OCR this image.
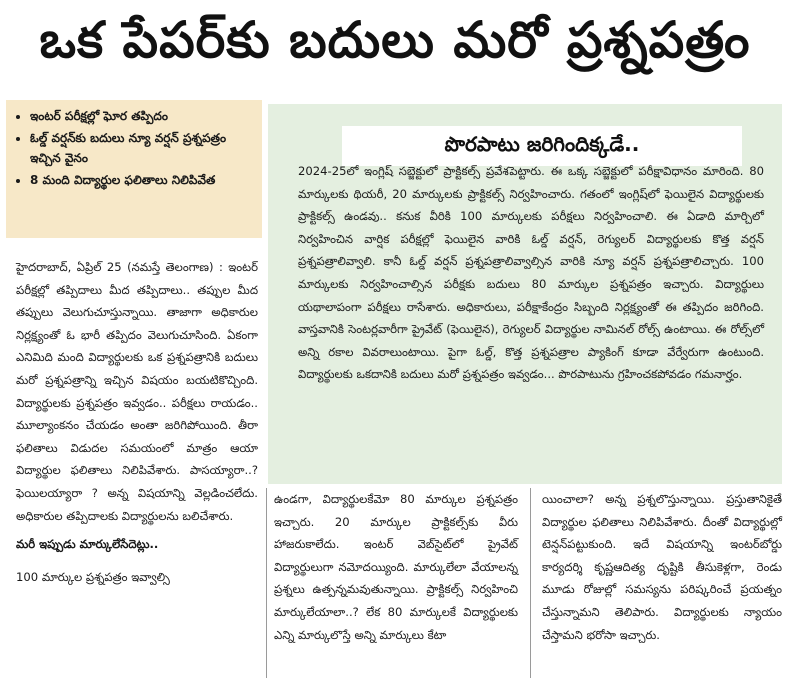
ఒక పేపర్‌కు బదులు మరో ప్రశ్నపత్రం
• ఇంటర్‌ పరీక్షల్లో ఘోర తప్పిదం
• ఓల్డ్‌ వర్షన్‌కు బదులు న్యూ వర్షన్‌ ప్రశ్నపత్రం ఇచ్చిన వైనం
• 8 మంది విద్యార్థుల ఫలితాలు నిలిపివేత

హైదరాబాద్‌, ఏప్రిల్‌ 25 (నమస్తే తెలంగాణ) : ఇంటర్‌ పరీక్షల్లో తప్పిదాలు మీద తప్పిదాలు.. తప్పుల మీద తప్పులు వెలుగుచూస్తున్నాయి. తాజాగా అధికారుల నిర్లక్ష్యంతో ఓ భారీ తప్పిదం వెలుగుచూసింది. ఏకంగా ఎనిమిది మంది విద్యార్థులకు ఒక ప్రశ్నపత్రానికి బదులు మరో ప్రశ్నపత్రాన్ని ఇచ్చిన విషయం బయటికొచ్చింది. విద్యార్థులకు ప్రశ్నపత్రం ఇవ్వడం.. పరీక్షలు రాయడం.. మూల్యాంకనం చేయడం అంతా జరిగిపోయింది. తీరా ఫలితాలు విడుదల సమయంలో మాత్రం ఆయా విద్యార్థుల ఫలితాలు నిలిపివేశారు. పాసయ్యారా..? ఫెయిలయ్యారా ? అన్న విషయాన్ని వెల్లడించలేదు. అధికారుల తప్పిదాలకు విద్యార్థులను బలిచేశారు.

మరీ ఇప్పుడు మార్కులేసేదెట్లు..

100 మార్కుల ప్రశ్నపత్రం ఇవ్వాల్సి

పొరపాటు జరిగిందిక్కడే..
2024-25లో ఇంగ్లిష్‌ సబ్జెక్టులో ప్రాక్టికల్స్‌ ప్రవేశపెట్టారు. ఈ ఒక్క సబ్జెక్టులో పరీక్షావిధానం మారింది. 80 మార్కులకు థియరీ, 20 మార్కులకు ప్రాక్టికల్స్‌ నిర్వహించారు. గతంలో ఇంగ్లిష్‌లో ఫెయిలైన విద్యార్థులకు ప్రాక్టికల్స్‌ ఉండవు.. కనుక వీరికి 100 మార్కులకు పరీక్షలు నిర్వహించాలి. ఈ ఏడాది మార్చిలో నిర్వహించిన వార్షిక పరీక్షల్లో ఫెయిలైన వారికి ఓల్డ్‌ వర్షన్‌, రెగ్యులర్‌ విద్యార్థులకు కొత్త వర్షన్‌ ప్రశ్నపత్రాలివ్వాలి. కానీ ఓల్డ్‌ వర్షన్‌ ప్రశ్నపత్రాలివ్వాల్సిన వారికి న్యూ వర్షన్‌ ప్రశ్నపత్రాలిచ్చారు. 100 మార్కులకు నిర్వహించాల్సిన పరీక్షకు బదులు 80 మార్కుల ప్రశ్నపత్రం ఇచ్చారు. విద్యార్థులు యథాలాపంగా పరీక్షలు రాసేశారు. అధికారులు, పరీక్షాకేంద్రం సిబ్బంది నిర్లక్ష్యంతో ఈ తప్పిదం జరిగింది. వాస్తవానికి సెంటర్లవారీగా ప్రైవేట్‌ (ఫెయిలైన), రెగ్యులర్‌ విద్యార్థుల నామినల్‌ రోల్స్‌ ఉంటాయి. ఈ రోల్స్‌లో అన్ని రకాల వివరాలుంటాయి. పైగా ఓల్డ్‌, కొత్త ప్రశ్నపత్రాల ప్యాకింగ్‌ కూడా వేర్వేరుగా ఉంటుంది. విద్యార్థులకు ఒకదానికి బదులు మరో ప్రశ్నపత్రం ఇవ్వడం... పొరపాటును గ్రహించకపోవడం గమనార్హం.

ఉండగా, విద్యార్థులకేమో 80 మార్కుల ప్రశ్నపత్రం ఇచ్చారు. 20 మార్కుల ప్రాక్టికల్స్‌కు వీరు హాజరుకాలేదు. ఇంటర్‌ వెబ్‌సైట్‌లో ప్రైవేట్‌ విద్యార్థులుగా నమోదయ్యింది. మార్కులేలా వేయాలన్న ప్రశ్నలు ఉత్పన్నమవుతున్నాయి. ప్రాక్టికల్స్‌ నిర్వహించి మార్కులేయాలా..? లేక 80 మార్కులకే విద్యార్థులకు ఎన్ని మార్కులొస్తే అన్ని మార్కులు కేటా

యించాలా? అన్న ప్రశ్నలొస్తున్నాయి. ప్రస్తుతానికైతే విద్యార్థుల ఫలితాలు నిలిపివేశారు. దీంతో విద్యార్థుల్లో టెన్షన్‌పట్టుకుంది. ఇదే విషయాన్ని ఇంటర్‌బోర్డు కార్యదర్శి కృష్ణఆదిత్య దృష్టికి తీసుకెళ్లగా, రెండు మూడు రోజుల్లో సమస్యను పరిష్కరించే ప్రయత్నం చేస్తున్నామని తెలిపారు. విద్యార్థులకు న్యాయం చేస్తామని భరోసా ఇచ్చారు.
